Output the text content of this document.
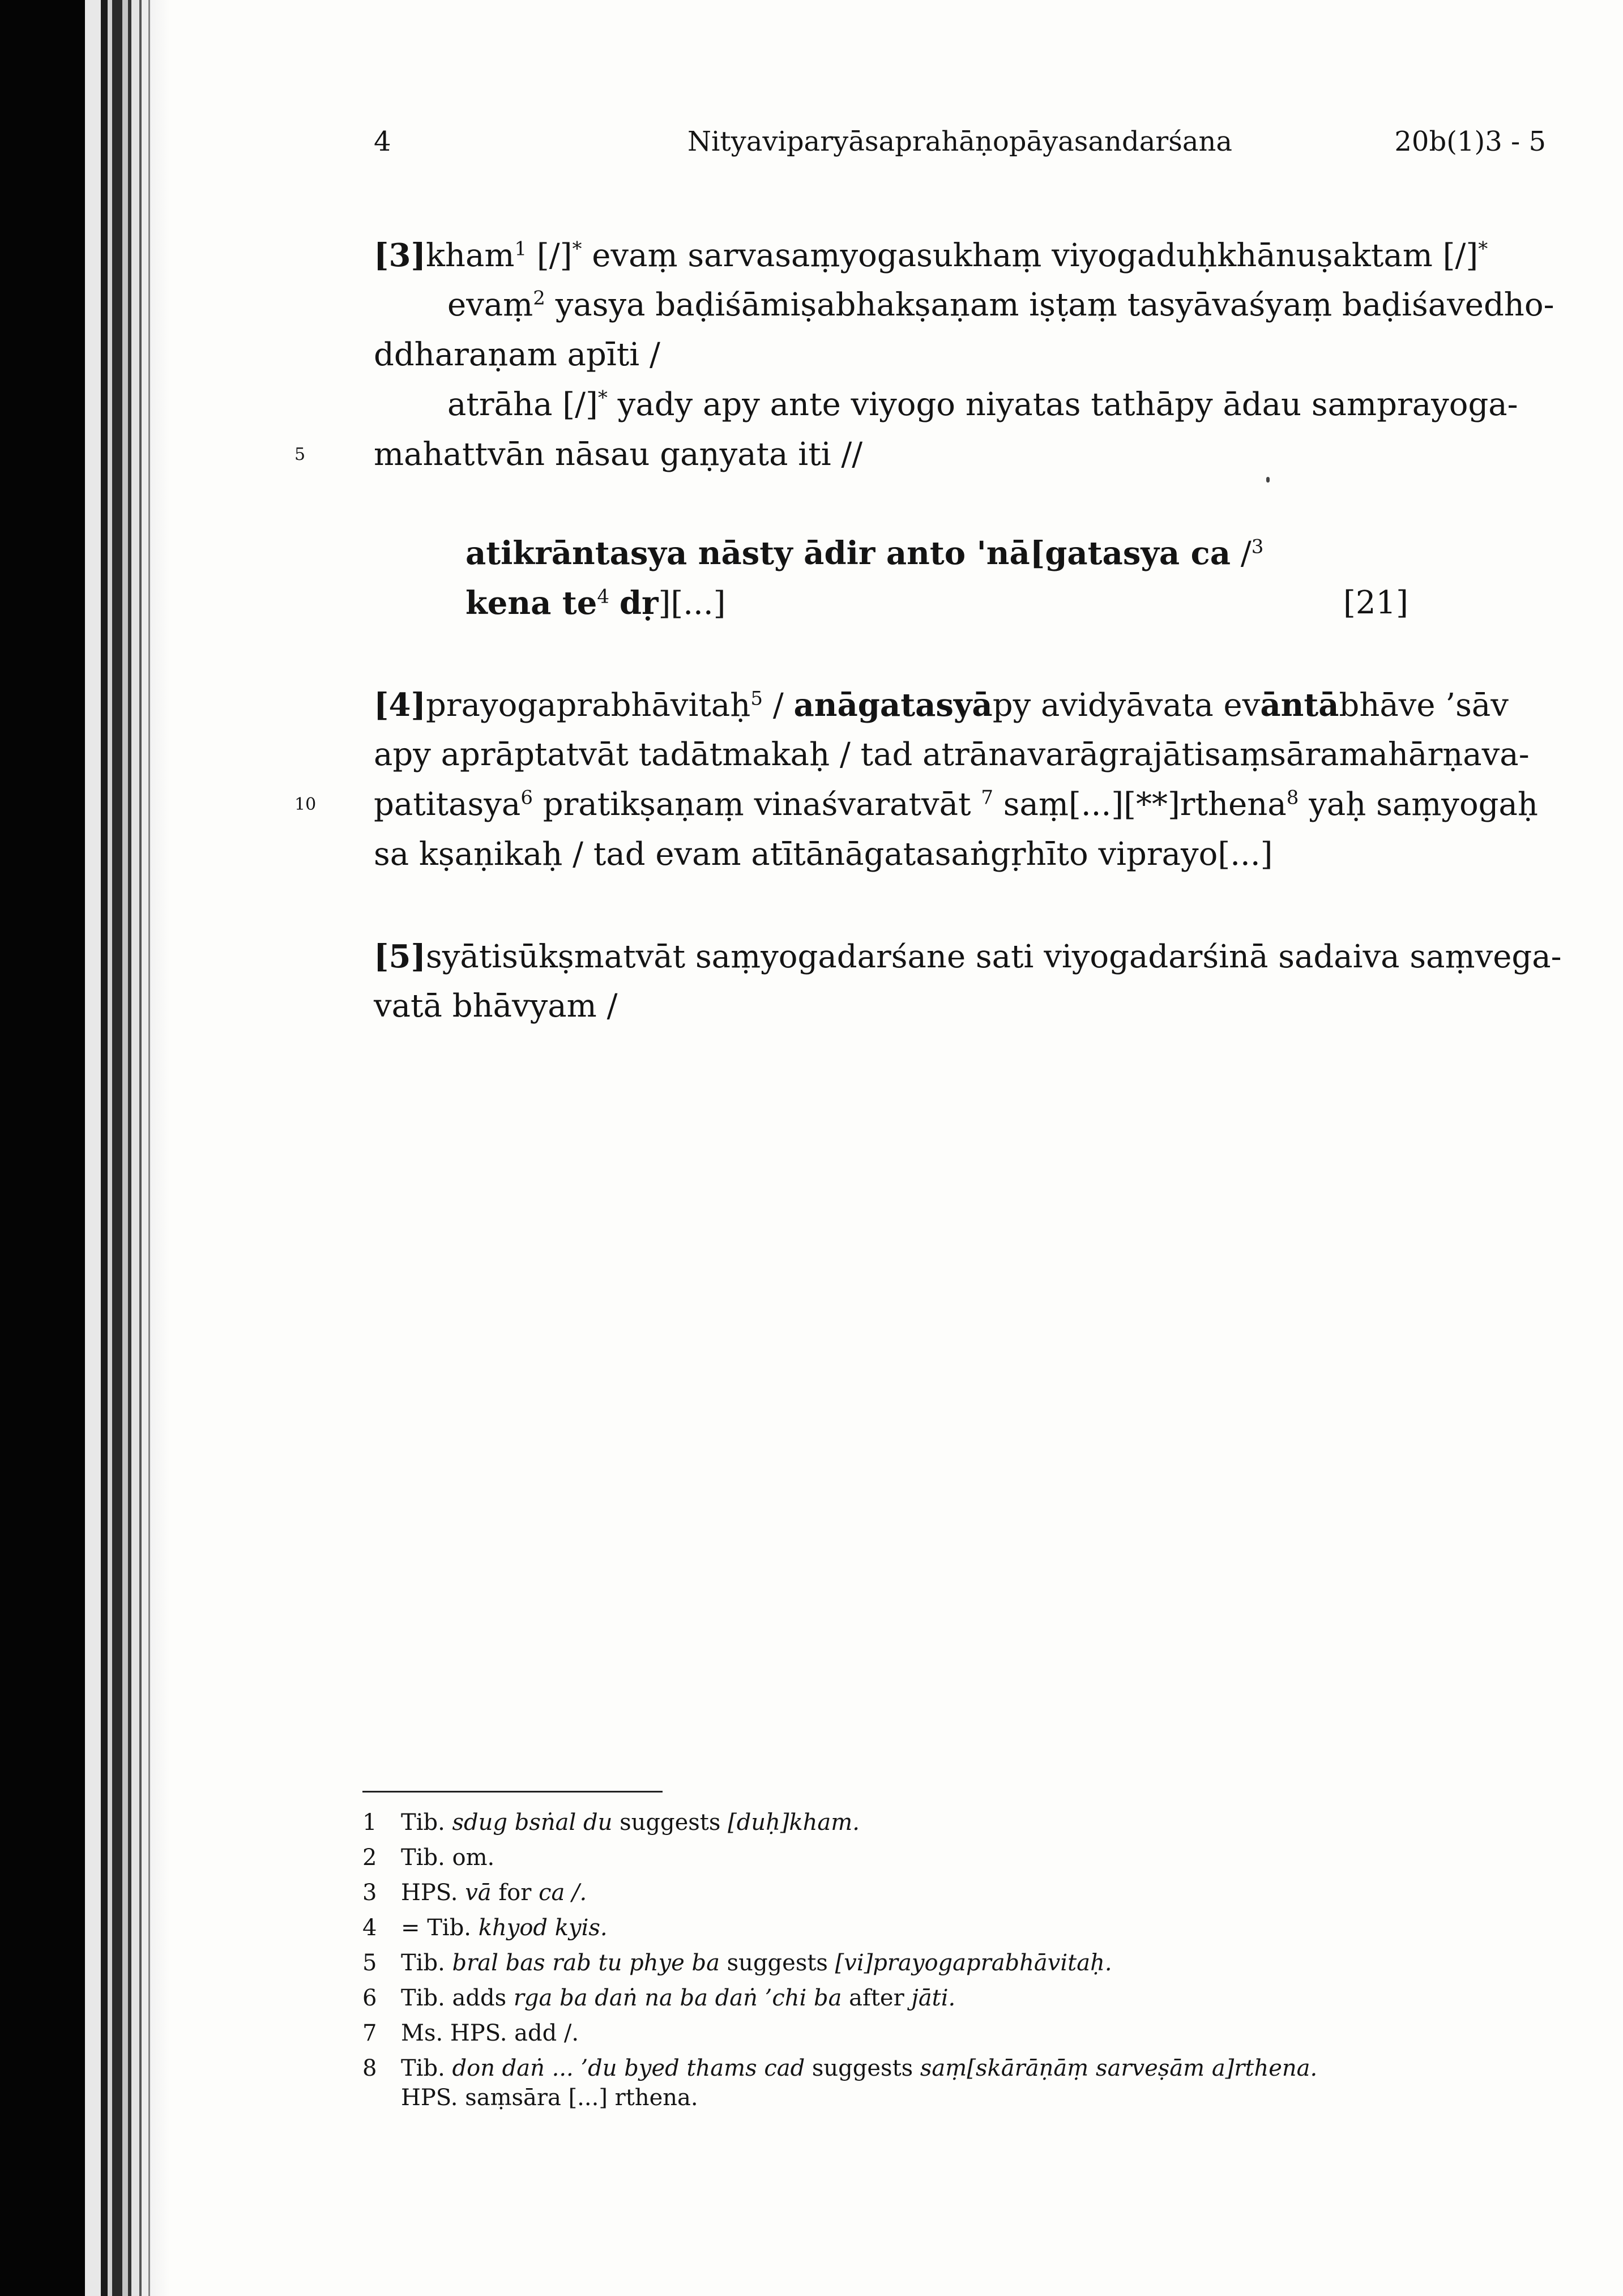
4	Nityaviparyāsaprahāṇopāyasandarśana	20b(1)3 - 5
[3]kham$^1$ [/]* evaṃ sarvasaṃyogasukhaṃ viyogaduḥkhānuṣaktam [/]*
evaṃ$^2$ yasya baḍiśāmiṣabhakṣaṇam iṣṭaṃ tasyāvaśyaṃ baḍiśavedho-
ddharaṇam apīti /
atrāha [/]* yady apy ante viyogo niyatas tathāpy ādau samprayoga-
5 mahattvān nāsau gaṇyata iti //
atikrāntasya nāsty ādir anto 'nā[gatasya ca /$^3$
kena $te^4$ dṛ][...]	[21]
[4]prayogaprabhāvitaḥ$^5$ / anāgatasyāpy avidyāvata evāntābhāve ’sāv
apy aprāptatvāt tadātmakaḥ / tad atrānavarāgrajātisaṃsāramahārṇava-
10 patitasya$^6$ pratikṣaṇaṃ vinaśvaratvāt $^7$ saṃ[...][**]rthena$^8$ yaḥ saṃyogaḥ
sa kṣaṇikaḥ / tad evam atītānāgatasaṅgṛhīto viprayo[...]
[5]syātisūkṣmatvāt saṃyogadarśane sati viyogadarśinā sadaiva saṃvega-
vatā bhāvyam /
1 Tib. sdug bsṅal du suggests [duḥ]kham.
2 Tib. om.
3 HPS. vā for ca /.
4 = Tib. khyod kyis.
5 Tib. bral bas rab tu phye ba suggests [vi]prayogaprabhāvitaḥ.
6 Tib. adds rga ba daṅ na ba daṅ ’chi ba after jāti.
7 Ms. HPS. add /.
8 Tib. don daṅ ... ’du byed thams cad suggests saṃ[skārāṇāṃ sarveṣām a]rthena.
HPS. saṃsāra [...] rthena.
